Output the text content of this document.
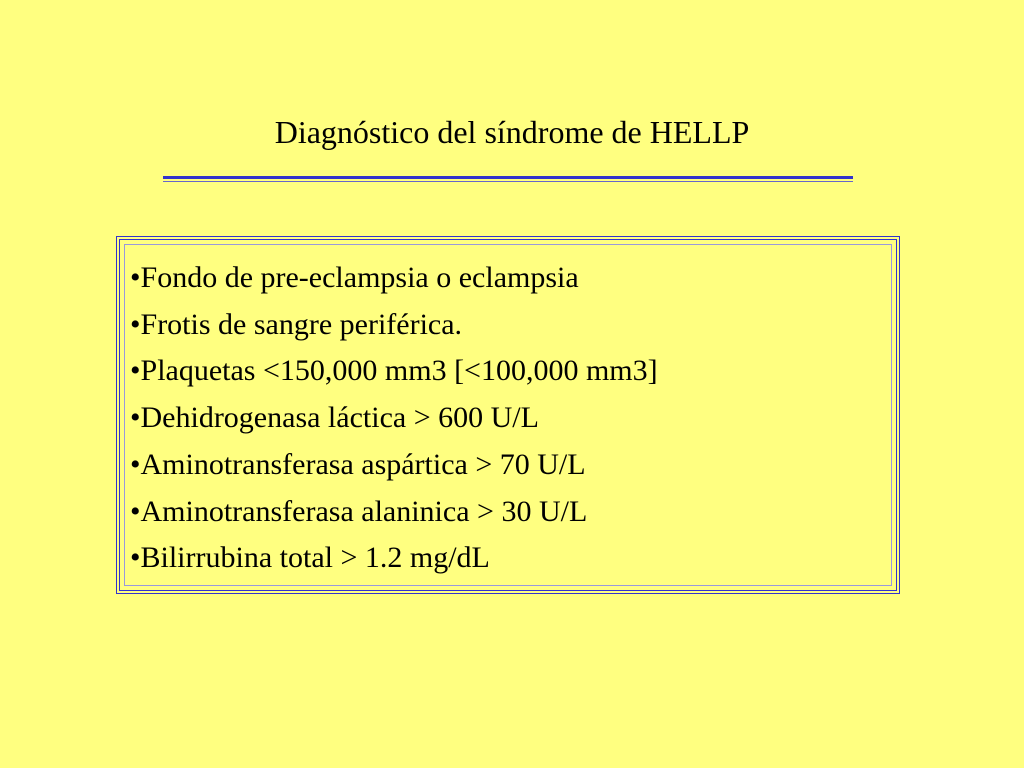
Diagnóstico del síndrome de HELLP
•Fondo de pre-eclampsia o eclampsia
•Frotis de sangre periférica.
•Plaquetas <150,000 mm3 [<100,000 mm3]
•Dehidrogenasa láctica > 600 U/L
•Aminotransferasa aspártica > 70 U/L
•Aminotransferasa alaninica > 30 U/L
•Bilirrubina total > 1.2 mg/dL
